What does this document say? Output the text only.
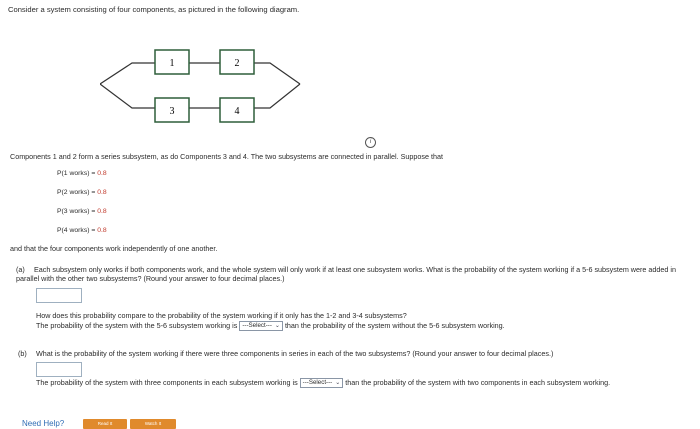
Consider a system consisting of four components, as pictured in the following diagram.
1	2
3	4
i
Components 1 and 2 form a series subsystem, as do Components 3 and 4. The two subsystems are connected in parallel. Suppose that
P(1 works) = 0.8
P(2 works) = 0.8
P(3 works) = 0.8
P(4 works) = 0.8
and that the four components work independently of one another.
(a) Each subsystem only works if both components work, and the whole system will only work if at least one subsystem works. What is the probability of the system working if a 5-6 subsystem were added in parallel with the other two subsystems? (Round your answer to four decimal places.)
How does this probability compare to the probability of the system working if it only has the 1-2 and 3-4 subsystems?
The probability of the system with the 5-6 subsystem working is ---Select--- ⌄ than the probability of the system without the 5-6 subsystem working.
(b) What is the probability of the system working if there were three components in series in each of the two subsystems? (Round your answer to four decimal places.)
The probability of the system with three components in each subsystem working is ---Select--- ⌄ than the probability of the system with two components in each subsystem working.
Need Help?	Read It	Watch It
